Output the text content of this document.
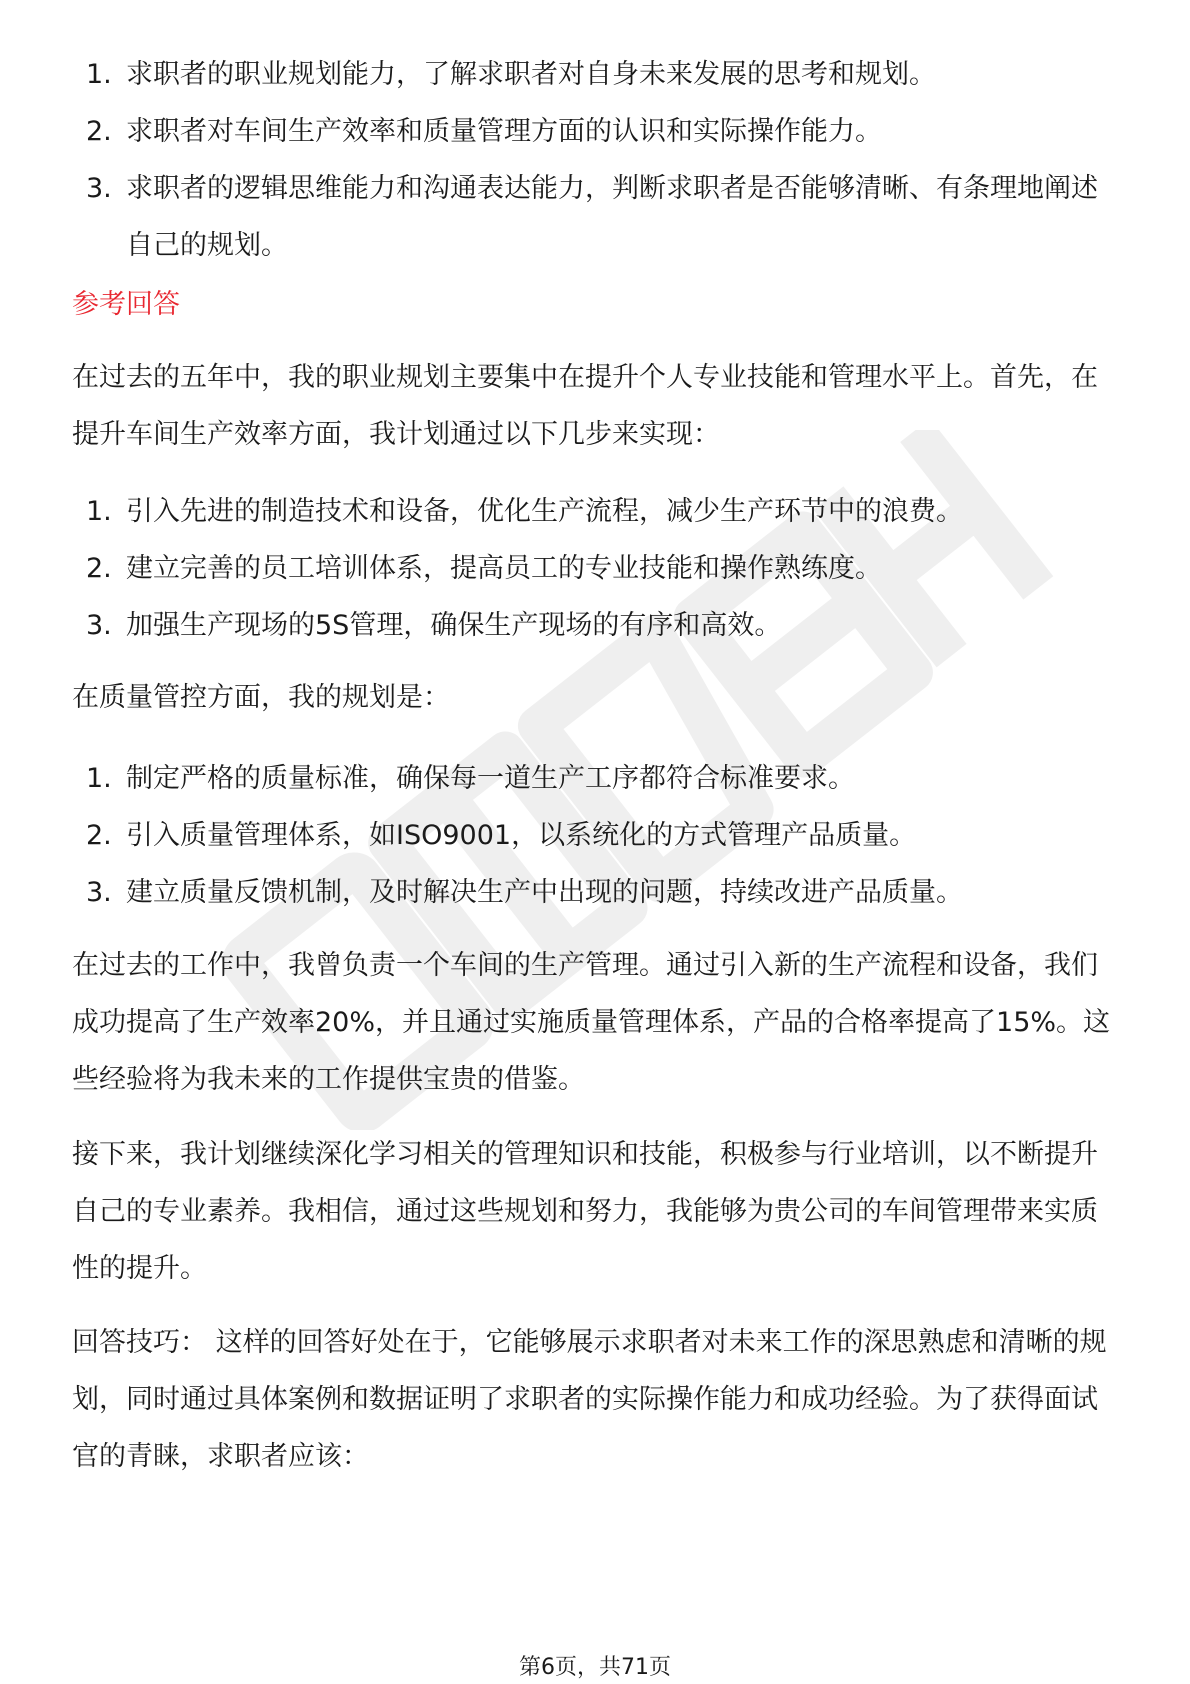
1. 求职者的职业规划能力，了解求职者对自身未来发展的思考和规划。
2. 求职者对车间生产效率和质量管理方面的认识和实际操作能力。
3. 求职者的逻辑思维能力和沟通表达能力，判断求职者是否能够清晰、有条理地阐述自己的规划。
参考回答

在过去的五年中，我的职业规划主要集中在提升个人专业技能和管理水平上。首先，在提升车间生产效率方面，我计划通过以下几步来实现：

1. 引入先进的制造技术和设备，优化生产流程，减少生产环节中的浪费。
2. 建立完善的员工培训体系，提高员工的专业技能和操作熟练度。
3. 加强生产现场的5S管理，确保生产现场的有序和高效。

在质量管控方面，我的规划是：

1. 制定严格的质量标准，确保每一道生产工序都符合标准要求。
2. 引入质量管理体系，如ISO9001，以系统化的方式管理产品质量。
3. 建立质量反馈机制，及时解决生产中出现的问题，持续改进产品质量。

在过去的工作中，我曾负责一个车间的生产管理。通过引入新的生产流程和设备，我们成功提高了生产效率20%，并且通过实施质量管理体系，产品的合格率提高了15%。这些经验将为我未来的工作提供宝贵的借鉴。

接下来，我计划继续深化学习相关的管理知识和技能，积极参与行业培训，以不断提升自己的专业素养。我相信，通过这些规划和努力，我能够为贵公司的车间管理带来实质性的提升。

回答技巧： 这样的回答好处在于，它能够展示求职者对未来工作的深思熟虑和清晰的规划，同时通过具体案例和数据证明了求职者的实际操作能力和成功经验。为了获得面试官的青睐，求职者应该：

第6页，共71页
